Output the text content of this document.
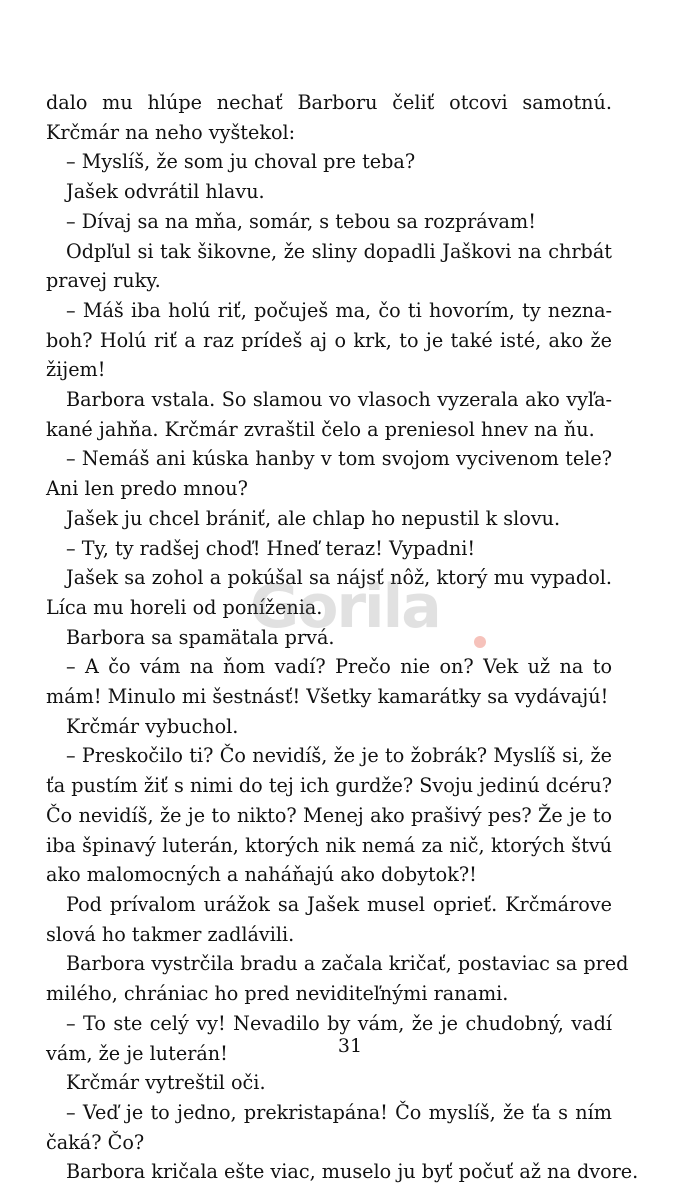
dalo mu hlúpe nechať Barboru čeliť otcovi samotnú.
Krčmár na neho vyštekol:
– Myslíš, že som ju choval pre teba?
Jašek odvrátil hlavu.
– Dívaj sa na mňa, somár, s tebou sa rozprávam!
Odpľul si tak šikovne, že sliny dopadli Jaškovi na chrbát
pravej ruky.
– Máš iba holú riť, počuješ ma, čo ti hovorím, ty nezna-
boh? Holú riť a raz prídeš aj o krk, to je také isté, ako že
žijem!
Barbora vstala. So slamou vo vlasoch vyzerala ako vyľa-
kané jahňa. Krčmár zvraštil čelo a preniesol hnev na ňu.
– Nemáš ani kúska hanby v tom svojom vycivenom tele?
Ani len predo mnou?
Jašek ju chcel brániť, ale chlap ho nepustil k slovu.
– Ty, ty radšej choď! Hneď teraz! Vypadni!
Jašek sa zohol a pokúšal sa nájsť nôž, ktorý mu vypadol.
Líca mu horeli od poníženia.
Barbora sa spamätala prvá.
– A čo vám na ňom vadí? Prečo nie on? Vek už na to
mám! Minulo mi šestnásť! Všetky kamarátky sa vydávajú!
Krčmár vybuchol.
– Preskočilo ti? Čo nevidíš, že je to žobrák? Myslíš si, že
ťa pustím žiť s nimi do tej ich gurdže? Svoju jedinú dcéru?
Čo nevidíš, že je to nikto? Menej ako prašivý pes? Že je to
iba špinavý luterán, ktorých nik nemá za nič, ktorých štvú
ako malomocných a naháňajú ako dobytok?!
Pod prívalom urážok sa Jašek musel oprieť. Krčmárove
slová ho takmer zadlávili.
Barbora vystrčila bradu a začala kričať, postaviac sa pred
milého, chrániac ho pred neviditeľnými ranami.
– To ste celý vy! Nevadilo by vám, že je chudobný, vadí
vám, že je luterán!
Krčmár vytreštil oči.
– Veď je to jedno, prekristapána! Čo myslíš, že ťa s ním
čaká? Čo?
Barbora kričala ešte viac, muselo ju byť počuť až na dvore.
Gorila
31
